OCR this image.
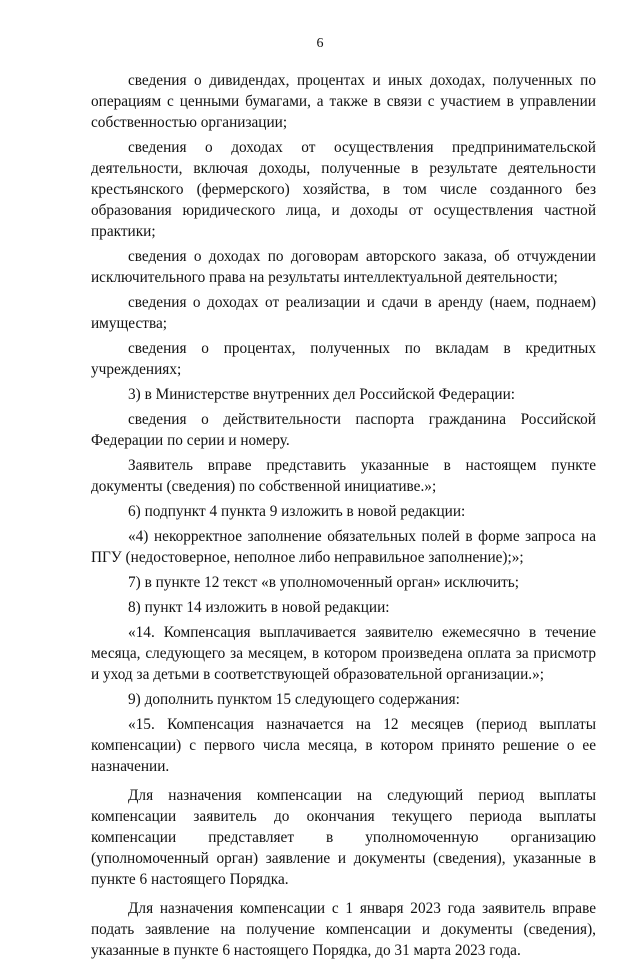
6

сведения о дивидендах, процентах и иных доходах, полученных по операциям с ценными бумагами, а также в связи с участием в управлении собственностью организации;

сведения о доходах от осуществления предпринимательской деятельности, включая доходы, полученные в результате деятельности крестьянского (фермерского) хозяйства, в том числе созданного без образования юридического лица, и доходы от осуществления частной практики;

сведения о доходах по договорам авторского заказа, об отчуждении исключительного права на результаты интеллектуальной деятельности;

сведения о доходах от реализации и сдачи в аренду (наем, поднаем) имущества;

сведения о процентах, полученных по вкладам в кредитных учреждениях;

3) в Министерстве внутренних дел Российской Федерации:

сведения о действительности паспорта гражданина Российской Федерации по серии и номеру.

Заявитель вправе представить указанные в настоящем пункте документы (сведения) по собственной инициативе.»;

6) подпункт 4 пункта 9 изложить в новой редакции:

«4) некорректное заполнение обязательных полей в форме запроса на ПГУ (недостоверное, неполное либо неправильное заполнение);»;

7) в пункте 12 текст «в уполномоченный орган» исключить;

8) пункт 14 изложить в новой редакции:

«14. Компенсация выплачивается заявителю ежемесячно в течение месяца, следующего за месяцем, в котором произведена оплата за присмотр и уход за детьми в соответствующей образовательной организации.»;

9) дополнить пунктом 15 следующего содержания:

«15. Компенсация назначается на 12 месяцев (период выплаты компенсации) с первого числа месяца, в котором принято решение о ее назначении.

Для назначения компенсации на следующий период выплаты компенсации заявитель до окончания текущего периода выплаты компенсации представляет в уполномоченную организацию (уполномоченный орган) заявление и документы (сведения), указанные в пункте 6 настоящего Порядка.

Для назначения компенсации с 1 января 2023 года заявитель вправе подать заявление на получение компенсации и документы (сведения), указанные в пункте 6 настоящего Порядка, до 31 марта 2023 года.
